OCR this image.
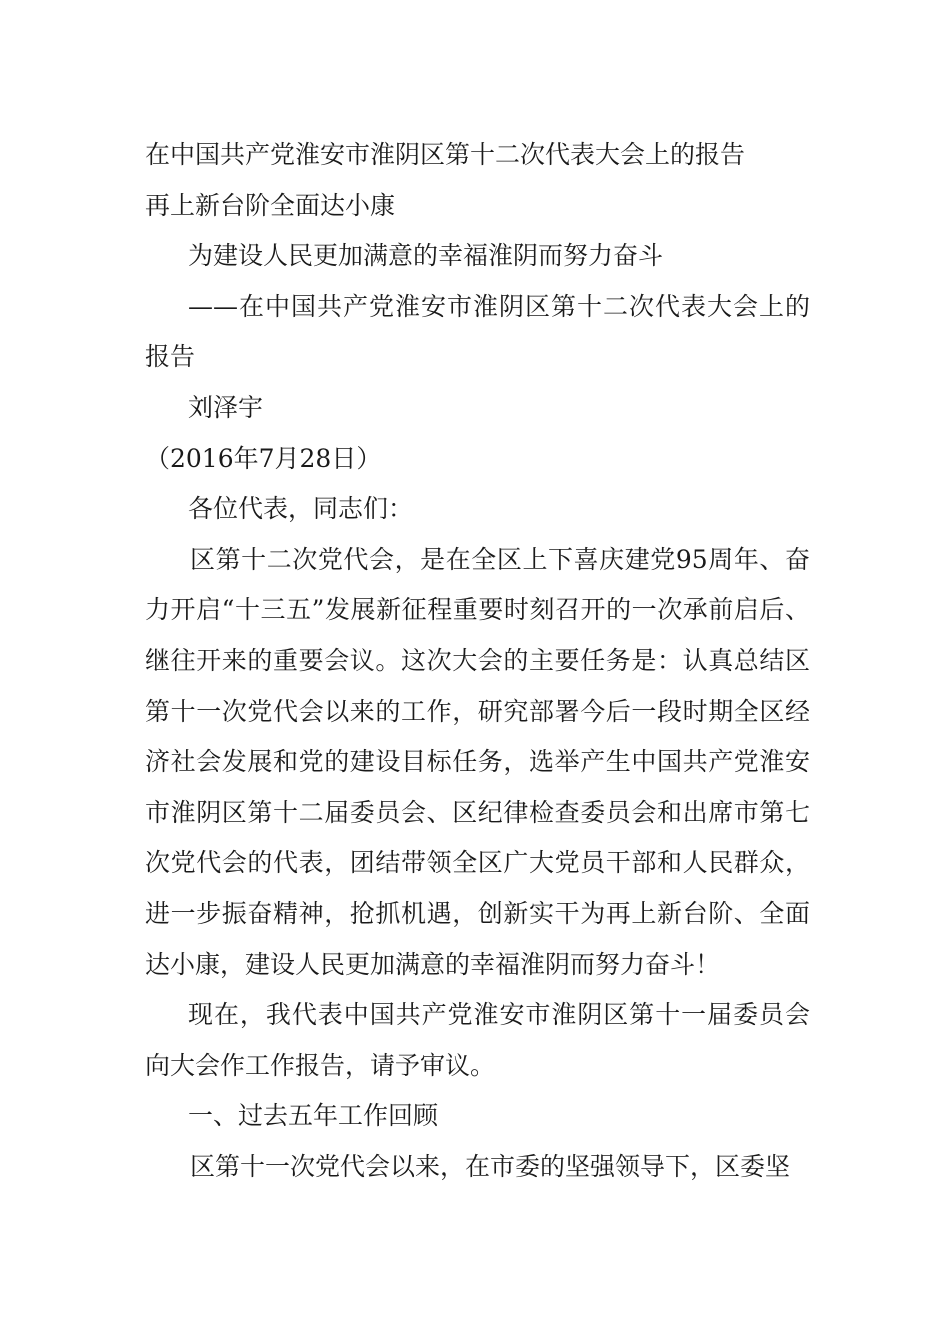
在中国共产党淮安市淮阴区第十二次代表大会上的报告

再上新台阶全面达小康

为建设人民更加满意的幸福淮阴而努力奋斗

——在中国共产党淮安市淮阴区第十二次代表大会上的报告

刘泽宇

（2016年7月28日）

各位代表，同志们：

区第十二次党代会，是在全区上下喜庆建党95周年、奋力开启“十三五”发展新征程重要时刻召开的一次承前启后、继往开来的重要会议。这次大会的主要任务是：认真总结区第十一次党代会以来的工作，研究部署今后一段时期全区经济社会发展和党的建设目标任务，选举产生中国共产党淮安市淮阴区第十二届委员会、区纪律检查委员会和出席市第七次党代会的代表，团结带领全区广大党员干部和人民群众，进一步振奋精神，抢抓机遇，创新实干为再上新台阶、全面达小康，建设人民更加满意的幸福淮阴而努力奋斗！

现在，我代表中国共产党淮安市淮阴区第十一届委员会向大会作工作报告，请予审议。

一、过去五年工作回顾

区第十一次党代会以来，在市委的坚强领导下，区委坚
